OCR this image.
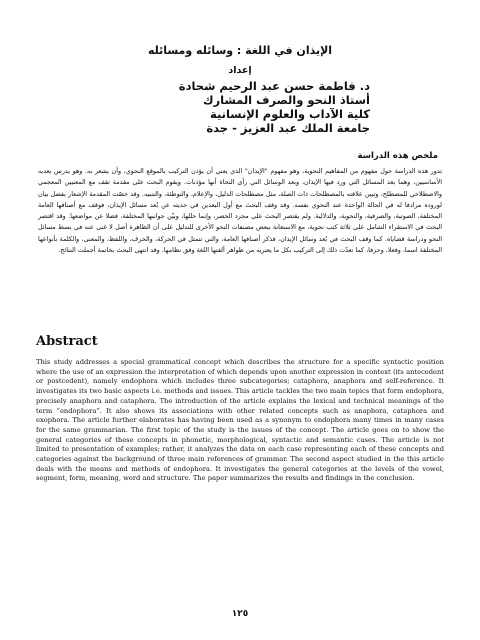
الإيذان في اللغة : وسائله ومسائله
إعداد
د. فاطمة حسن عبد الرحيم شحادة
أستاذ النحو والصرف المشارك
كلية الآداب والعلوم الإنسانية
جامعة الملك عبد العزيز - جدة
ملخص هذه الدراسة
تدور هذه الدراسة حول مفهوم من المفاهيم النحوية، وهو مفهوم "الإيذان" الذي يعني أن يؤذن التركيب بالموقع النحوي، وأن يشعر به. وهو يدرس بعديه الأساسيين، وهما بعد المسائل التي ورد فيها الإيذان، وبعد الوسائل التي رأى النحاة أنها مؤذنات. ويقوم البحث على مقدمة تقف مع المعنيين المعجمي والاصطلاحي للمصطلح، وتبين علاقته بالمصطلحات ذات الصلة، مثل مصطلحات الدليل، والإعلام، والتوطئة، والتنبيه. وقد خصّت المقدمة الإشعار بفضل بيان لوروده مرادفا له في الحالة الواحدة عند النحوي نفسه. وقد وقف البحث مع أول البعدين في حديثه عن بُعد مسائل الإيذان، فوقف مع أصنافها العامة المختلفة، الصوتية، والصرفية، والنحوية، والدلالية. ولم يقتصر البحث على مجرد الحصر، وإنما حللها، وبيّن جوانبها المختلفة، فضلا عن مواضعها. وقد اقتصر البحث في الاستقراء الشامل على ثلاثة كتب نحوية، مع الاستعانة ببعض مصنفات النحو الأخرى للتدليل على أن الظاهرة أصل لا غنى عنه في بسط مسائل النحو ودراسة قضاياه. كما وقف البحث في بُعد وسائل الإيذان، فذكر أصنافها العامة، والتي تتمثل في الحركة، والحرف، واللفظ، والمعنى، والكلمة بأنواعها المختلفة اسما، وفعلا، وحرفا، كما تعدّت ذلك إلى التركيب بكل ما يعتريه من ظواهر ألفتها اللغة وفق نظامها. وقد انتهى البحث بخاتمة أجملت النتائج.
Abstract
This study addresses a special grammatical concept which describes the structure for a specific syntactic position where the use of an expression the interpretation of which depends upon another expression in context (its antecedent or postcedent), namely endophora which includes three subcategories; cataphora, anaphora and self-reference. It investigates its two basic aspects i.e. methods and issues. This article tackles the two main topics that form endophora, precisely anaphora and cataphora. The introduction of the article explains the lexical and technical meanings of the term “endophora”. It also shows its associations with other related concepts such as anaphora, cataphora and exophora. The article further elaborates has having been used as a synonym to endophora many times in many cases for the same grammarian. The first topic of the study is the issues of the concept. The article goes on to show the general categories of these concepts in phonetic, morphological, syntactic and semantic cases. The article is not limited to presentation of examples; rather, it analyzes the data on each case representing each of these concepts and categories against the background of three main references of grammar. The second aspect studied in the this article deals with the means and methods of endophora. It investigates the general categories at the levels of the vowel, segment, form, meaning, word and structure. The paper summarizes the results and findings in the conclusion.
١٢٥
